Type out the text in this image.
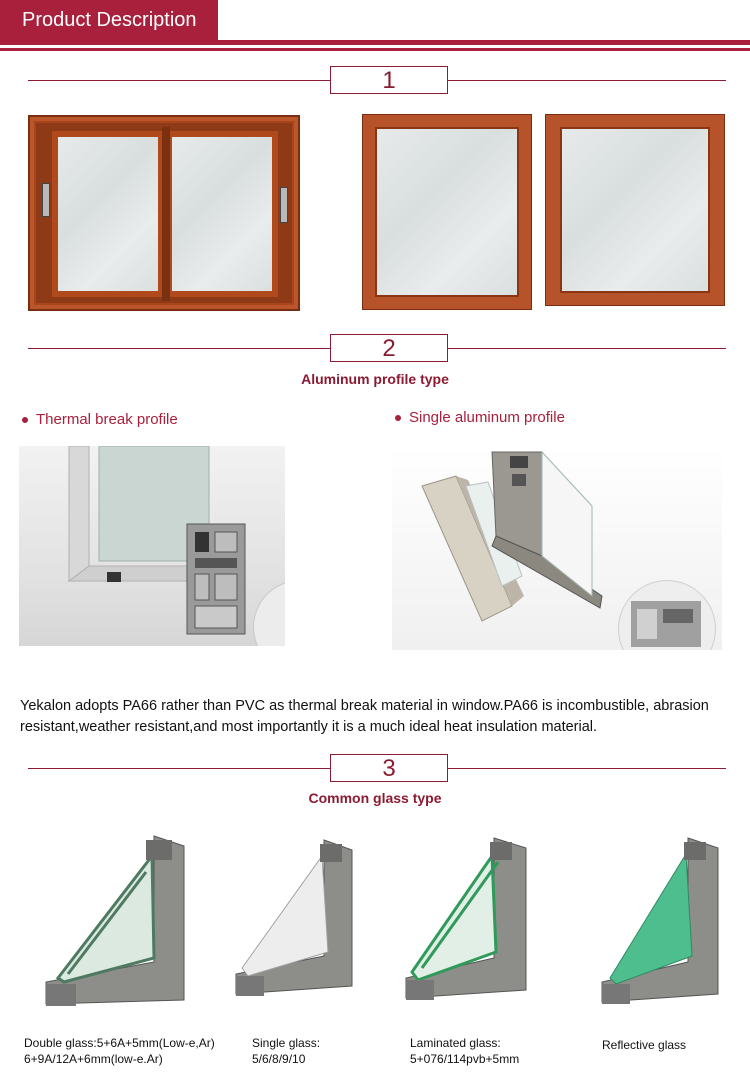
Product Description
1
2
Aluminum profile type
Thermal break profile	Single aluminum profile
Yekalon adopts PA66 rather than PVC as thermal break material in window.PA66 is incombustible, abrasion resistant,weather resistant,and most importantly it is a much ideal heat insulation material.
3
Common glass type
Double glass:5+6A+5mm(Low-e,Ar)
6+9A/12A+6mm(low-e.Ar)
Single glass:
5/6/8/9/10
Laminated glass:
5+076/114pvb+5mm
Reflective glass
